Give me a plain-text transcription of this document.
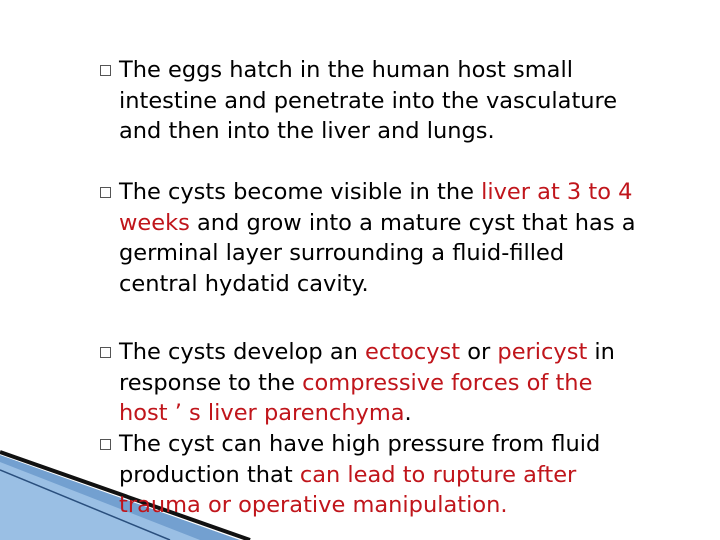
The eggs hatch in the human host small intestine and penetrate into the vasculature and then into the liver and lungs.
The cysts become visible in the liver at 3 to 4 weeks and grow into a mature cyst that has a germinal layer surrounding a fluid-filled central hydatid cavity.
The cysts develop an ectocyst or pericyst in response to the compressive forces of the host ’ s liver parenchyma.
The cyst can have high pressure from fluid production that can lead to rupture after trauma or operative manipulation.
